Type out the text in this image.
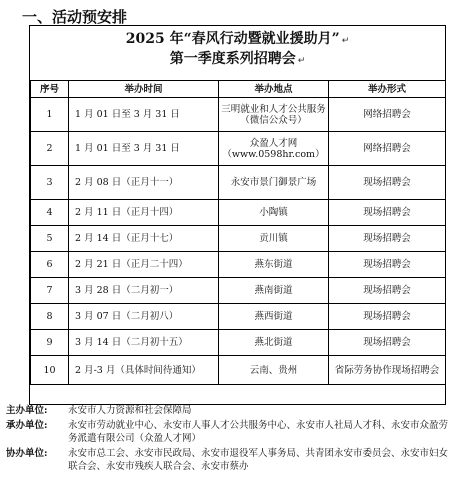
一、活动预安排
2025 年“春风行动暨就业援助月” ↵
第一季度系列招聘会 ↵
序号	举办时间	举办地点	举办形式
1	1 月 01 日至 3 月 31 日	三明就业和人才公共服务（微信公众号）	网络招聘会
2	1 月 01 日至 3 月 31 日	众盈人才网（www.0598hr.com）	网络招聘会
3	2 月 08 日（正月十一）	永安市景门御景广场	现场招聘会
4	2 月 11 日（正月十四）	小陶镇	现场招聘会
5	2 月 14 日（正月十七）	贡川镇	现场招聘会
6	2 月 21 日（正月二十四）	燕东街道	现场招聘会
7	3 月 28 日（二月初一）	燕南街道	现场招聘会
8	3 月 07 日（二月初八）	燕西街道	现场招聘会
9	3 月 14 日（二月初十五）	燕北街道	现场招聘会
10	2 月-3 月（具体时间待通知）	云南、贵州	省际劳务协作现场招聘会
主办单位:	永安市人力资源和社会保障局
承办单位:	永安市劳动就业中心、永安市人事人才公共服务中心、永安市人社局人才科、永安市众盈劳务派遣有限公司（众盈人才网）
协办单位:	永安市总工会、永安市民政局、永安市退役军人事务局、共青团永安市委员会、永安市妇女联合会、永安市残疾人联合会、永安市蔡办
